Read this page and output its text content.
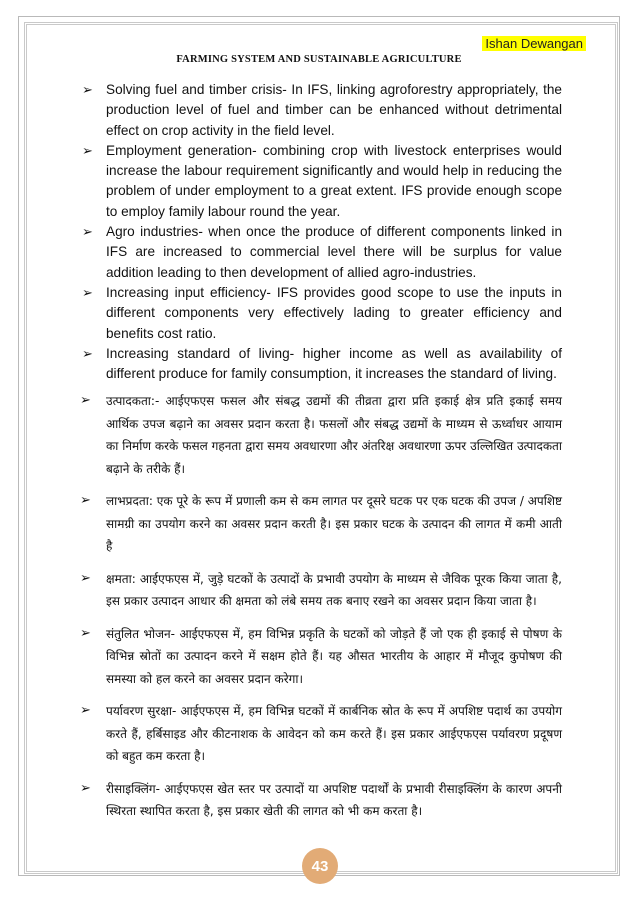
Ishan Dewangan
FARMING SYSTEM AND SUSTAINABLE AGRICULTURE
➢ Solving fuel and timber crisis- In IFS, linking agroforestry appropriately, the production level of fuel and timber can be enhanced without detrimental effect on crop activity in the field level.
➢ Employment generation- combining crop with livestock enterprises would increase the labour requirement significantly and would help in reducing the problem of under employment to a great extent. IFS provide enough scope to employ family labour round the year.
➢ Agro industries- when once the produce of different components linked in IFS are increased to commercial level there will be surplus for value addition leading to then development of allied agro-industries.
➢ Increasing input efficiency- IFS provides good scope to use the inputs in different components very effectively lading to greater efficiency and benefits cost ratio.
➢ Increasing standard of living- higher income as well as availability of different produce for family consumption, it increases the standard of living.
➢ उत्पादकता:- आईएफएस फसल और संबद्ध उद्यमों की तीव्रता द्वारा प्रति इकाई क्षेत्र प्रति इकाई समय आर्थिक उपज बढ़ाने का अवसर प्रदान करता है। फसलों और संबद्ध उद्यमों के माध्यम से ऊर्ध्वाधर आयाम का निर्माण करके फसल गहनता द्वारा समय अवधारणा और अंतरिक्ष अवधारणा ऊपर उल्लिखित उत्पादकता बढ़ाने के तरीके हैं।
➢ लाभप्रदता: एक पूरे के रूप में प्रणाली कम से कम लागत पर दूसरे घटक पर एक घटक की उपज / अपशिष्ट सामग्री का उपयोग करने का अवसर प्रदान करती है। इस प्रकार घटक के उत्पादन की लागत में कमी आती है
➢ क्षमता: आईएफएस में, जुड़े घटकों के उत्पादों के प्रभावी उपयोग के माध्यम से जैविक पूरक किया जाता है, इस प्रकार उत्पादन आधार की क्षमता को लंबे समय तक बनाए रखने का अवसर प्रदान किया जाता है।
➢ संतुलित भोजन- आईएफएस में, हम विभिन्न प्रकृति के घटकों को जोड़ते हैं जो एक ही इकाई से पोषण के विभिन्न स्रोतों का उत्पादन करने में सक्षम होते हैं। यह औसत भारतीय के आहार में मौजूद कुपोषण की समस्या को हल करने का अवसर प्रदान करेगा।
➢ पर्यावरण सुरक्षा- आईएफएस में, हम विभिन्न घटकों में कार्बनिक स्रोत के रूप में अपशिष्ट पदार्थ का उपयोग करते हैं, हर्बिसाइड और कीटनाशक के आवेदन को कम करते हैं। इस प्रकार आईएफएस पर्यावरण प्रदूषण को बहुत कम करता है।
➢ रीसाइक्लिंग- आईएफएस खेत स्तर पर उत्पादों या अपशिष्ट पदार्थों के प्रभावी रीसाइक्लिंग के कारण अपनी स्थिरता स्थापित करता है, इस प्रकार खेती की लागत को भी कम करता है।
43
